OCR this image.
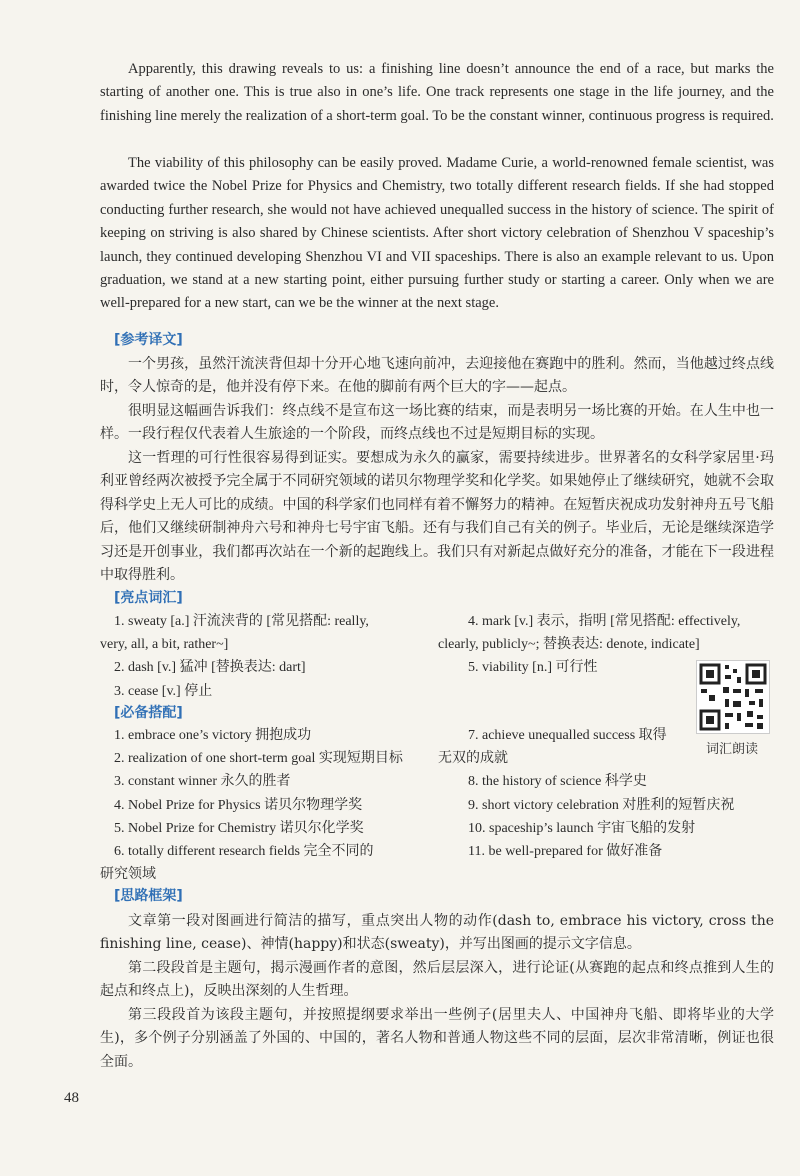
Apparently, this drawing reveals to us: a finishing line doesn’t announce the end of a race, but marks the starting of another one. This is true also in one’s life. One track represents one stage in the life journey, and the finishing line merely the realization of a short-term goal. To be the constant winner, continuous progress is required.

The viability of this philosophy can be easily proved. Madame Curie, a world-renowned female scientist, was awarded twice the Nobel Prize for Physics and Chemistry, two totally different research fields. If she had stopped conducting further research, she would not have achieved unequalled success in the history of science. The spirit of keeping on striving is also shared by Chinese scientists. After short victory celebration of Shenzhou V spaceship’s launch, they continued developing Shenzhou VI and VII spaceships. There is also an example relevant to us. Upon graduation, we stand at a new starting point, either pursuing further study or starting a career. Only when we are well-prepared for a new start, can we be the winner at the next stage.

[参考译文]

一个男孩，虽然汗流浃背但却十分开心地飞速向前冲，去迎接他在赛跑中的胜利。然而，当他越过终点线时，令人惊奇的是，他并没有停下来。在他的脚前有两个巨大的字——起点。

很明显这幅画告诉我们：终点线不是宣布这一场比赛的结束，而是表明另一场比赛的开始。在人生中也一样。一段行程仅代表着人生旅途的一个阶段，而终点线也不过是短期目标的实现。

这一哲理的可行性很容易得到证实。要想成为永久的赢家，需要持续进步。世界著名的女科学家居里·玛利亚曾经两次被授予完全属于不同研究领域的诺贝尔物理学奖和化学奖。如果她停止了继续研究，她就不会取得科学史上无人可比的成绩。中国的科学家们也同样有着不懈努力的精神。在短暂庆祝成功发射神舟五号飞船后，他们又继续研制神舟六号和神舟七号宇宙飞船。还有与我们自己有关的例子。毕业后，无论是继续深造学习还是开创事业，我们都再次站在一个新的起跑线上。我们只有对新起点做好充分的准备，才能在下一段进程中取得胜利。

[亮点词汇]

1. sweaty [a.] 汗流浃背的 [常见搭配: really,

very, all, a bit, rather~]

2. dash [v.] 猛冲 [替换表达: dart]

3. cease [v.] 停止

4. mark [v.] 表示，指明 [常见搭配: effectively,

clearly, publicly~; 替换表达: denote, indicate]

5. viability [n.] 可行性

词汇朗读
[必备搭配]

1. embrace one’s victory 拥抱成功

2. realization of one short-term goal 实现短期目标

3. constant winner 永久的胜者

4. Nobel Prize for Physics 诺贝尔物理学奖

5. Nobel Prize for Chemistry 诺贝尔化学奖

6. totally different research fields 完全不同的

研究领域

7. achieve unequalled success 取得

无双的成就

8. the history of science 科学史

9. short victory celebration 对胜利的短暂庆祝

10. spaceship’s launch 宇宙飞船的发射

11. be well-prepared for 做好准备

[思路框架]

文章第一段对图画进行简洁的描写，重点突出人物的动作(dash to, embrace his victory, cross the finishing line, cease)、神情(happy)和状态(sweaty)，并写出图画的提示文字信息。

第二段段首是主题句，揭示漫画作者的意图，然后层层深入，进行论证(从赛跑的起点和终点推到人生的起点和终点上)，反映出深刻的人生哲理。

第三段段首为该段主题句，并按照提纲要求举出一些例子(居里夫人、中国神舟飞船、即将毕业的大学生)，多个例子分别涵盖了外国的、中国的，著名人物和普通人物这些不同的层面，层次非常清晰，例证也很全面。

48
